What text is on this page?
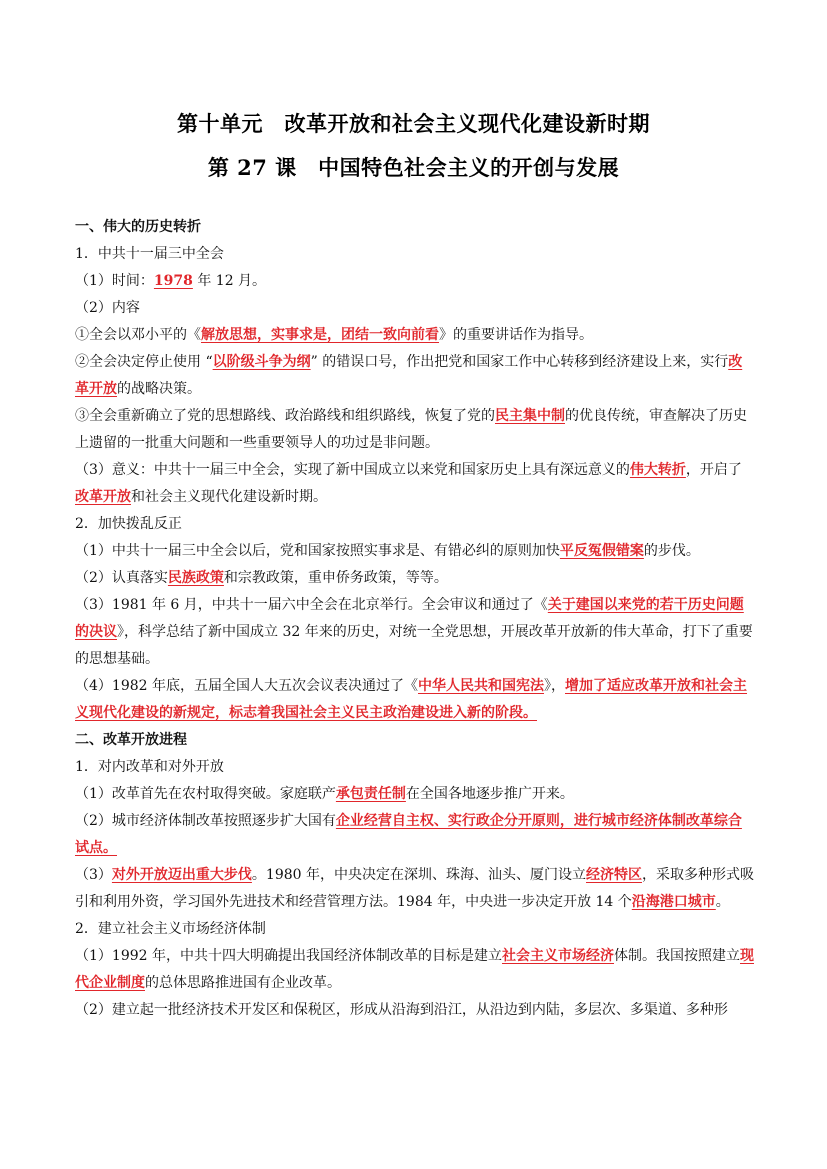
第十单元　改革开放和社会主义现代化建设新时期
第 27 课　中国特色社会主义的开创与发展

一、伟大的历史转折

1．中共十一届三中全会

（1）时间：1978 年 12 月。

（2）内容

①全会以邓小平的《解放思想，实事求是，团结一致向前看》的重要讲话作为指导。

②全会决定停止使用 “以阶级斗争为纲” 的错误口号，作出把党和国家工作中心转移到经济建设上来，实行改革开放的战略决策。

③全会重新确立了党的思想路线、政治路线和组织路线，恢复了党的民主集中制的优良传统，审查解决了历史上遗留的一批重大问题和一些重要领导人的功过是非问题。

（3）意义：中共十一届三中全会，实现了新中国成立以来党和国家历史上具有深远意义的伟大转折，开启了改革开放和社会主义现代化建设新时期。

2．加快拨乱反正

（1）中共十一届三中全会以后，党和国家按照实事求是、有错必纠的原则加快平反冤假错案的步伐。

（2）认真落实民族政策和宗教政策，重申侨务政策，等等。

（3）1981 年 6 月，中共十一届六中全会在北京举行。全会审议和通过了《关于建国以来党的若干历史问题的决议》，科学总结了新中国成立 32 年来的历史，对统一全党思想，开展改革开放新的伟大革命，打下了重要的思想基础。

（4）1982 年底，五届全国人大五次会议表决通过了《中华人民共和国宪法》，增加了适应改革开放和社会主义现代化建设的新规定，标志着我国社会主义民主政治建设进入新的阶段。

二、改革开放进程

1．对内改革和对外开放

（1）改革首先在农村取得突破。家庭联产承包责任制在全国各地逐步推广开来。

（2）城市经济体制改革按照逐步扩大国有企业经营自主权、实行政企分开原则，进行城市经济体制改革综合试点。

（3）对外开放迈出重大步伐。1980 年，中央决定在深圳、珠海、汕头、厦门设立经济特区，采取多种形式吸引和利用外资，学习国外先进技术和经营管理方法。1984 年，中央进一步决定开放 14 个沿海港口城市。

2．建立社会主义市场经济体制

（1）1992 年，中共十四大明确提出我国经济体制改革的目标是建立社会主义市场经济体制。我国按照建立现代企业制度的总体思路推进国有企业改革。

（2）建立起一批经济技术开发区和保税区，形成从沿海到沿江，从沿边到内陆，多层次、多渠道、多种形
